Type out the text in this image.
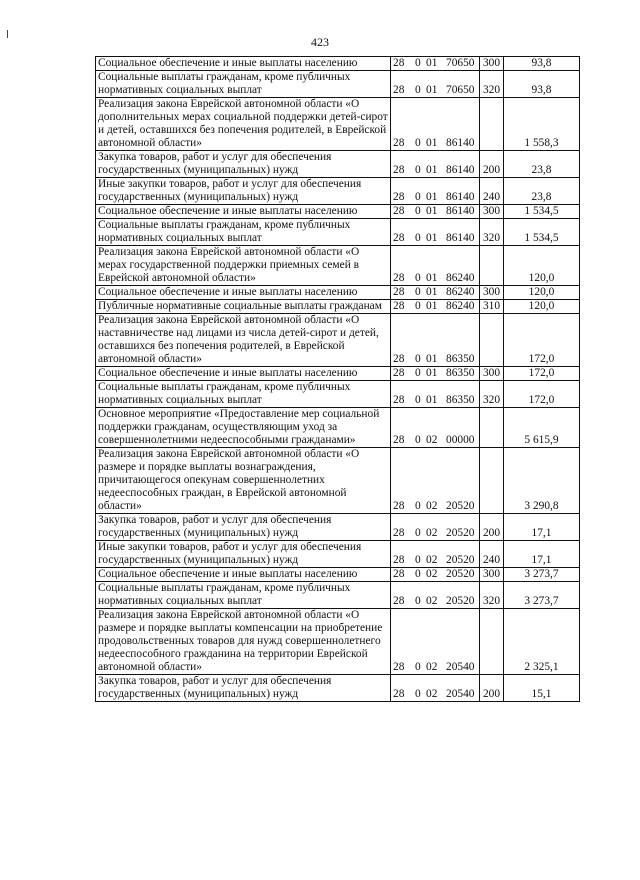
423
Социальное обеспечение и иные выплаты населению	28 0 01 70650	300	93,8
Социальные выплаты гражданам, кроме публичных нормативных социальных выплат	28 0 01 70650	320	93,8
Реализация закона Еврейской автономной области «О дополнительных мерах социальной поддержки детей-сирот и детей, оставшихся без попечения родителей, в Еврейской автономной области»	28 0 01 86140		1 558,3
Закупка товаров, работ и услуг для обеспечения государственных (муниципальных) нужд	28 0 01 86140	200	23,8
Иные закупки товаров, работ и услуг для обеспечения государственных (муниципальных) нужд	28 0 01 86140	240	23,8
Социальное обеспечение и иные выплаты населению	28 0 01 86140	300	1 534,5
Социальные выплаты гражданам, кроме публичных нормативных социальных выплат	28 0 01 86140	320	1 534,5
Реализация закона Еврейской автономной области «О мерах государственной поддержки приемных семей в Еврейской автономной области»	28 0 01 86240		120,0
Социальное обеспечение и иные выплаты населению	28 0 01 86240	300	120,0
Публичные нормативные социальные выплаты гражданам	28 0 01 86240	310	120,0
Реализация закона Еврейской автономной области «О наставничестве над лицами из числа детей-сирот и детей, оставшихся без попечения родителей, в Еврейской автономной области»	28 0 01 86350		172,0
Социальное обеспечение и иные выплаты населению	28 0 01 86350	300	172,0
Социальные выплаты гражданам, кроме публичных нормативных социальных выплат	28 0 01 86350	320	172,0
Основное мероприятие «Предоставление мер социальной поддержки гражданам, осуществляющим уход за совершеннолетними недееспособными гражданами»	28 0 02 00000		5 615,9
Реализация закона Еврейской автономной области «О размере и порядке выплаты вознаграждения, причитающегося опекунам совершеннолетних недееспособных граждан, в Еврейской автономной области»	28 0 02 20520		3 290,8
Закупка товаров, работ и услуг для обеспечения государственных (муниципальных) нужд	28 0 02 20520	200	17,1
Иные закупки товаров, работ и услуг для обеспечения государственных (муниципальных) нужд	28 0 02 20520	240	17,1
Социальное обеспечение и иные выплаты населению	28 0 02 20520	300	3 273,7
Социальные выплаты гражданам, кроме публичных нормативных социальных выплат	28 0 02 20520	320	3 273,7
Реализация закона Еврейской автономной области «О размере и порядке выплаты компенсации на приобретение продовольственных товаров для нужд совершеннолетнего недееспособного гражданина на территории Еврейской автономной области»	28 0 02 20540		2 325,1
Закупка товаров, работ и услуг для обеспечения государственных (муниципальных) нужд	28 0 02 20540	200	15,1
